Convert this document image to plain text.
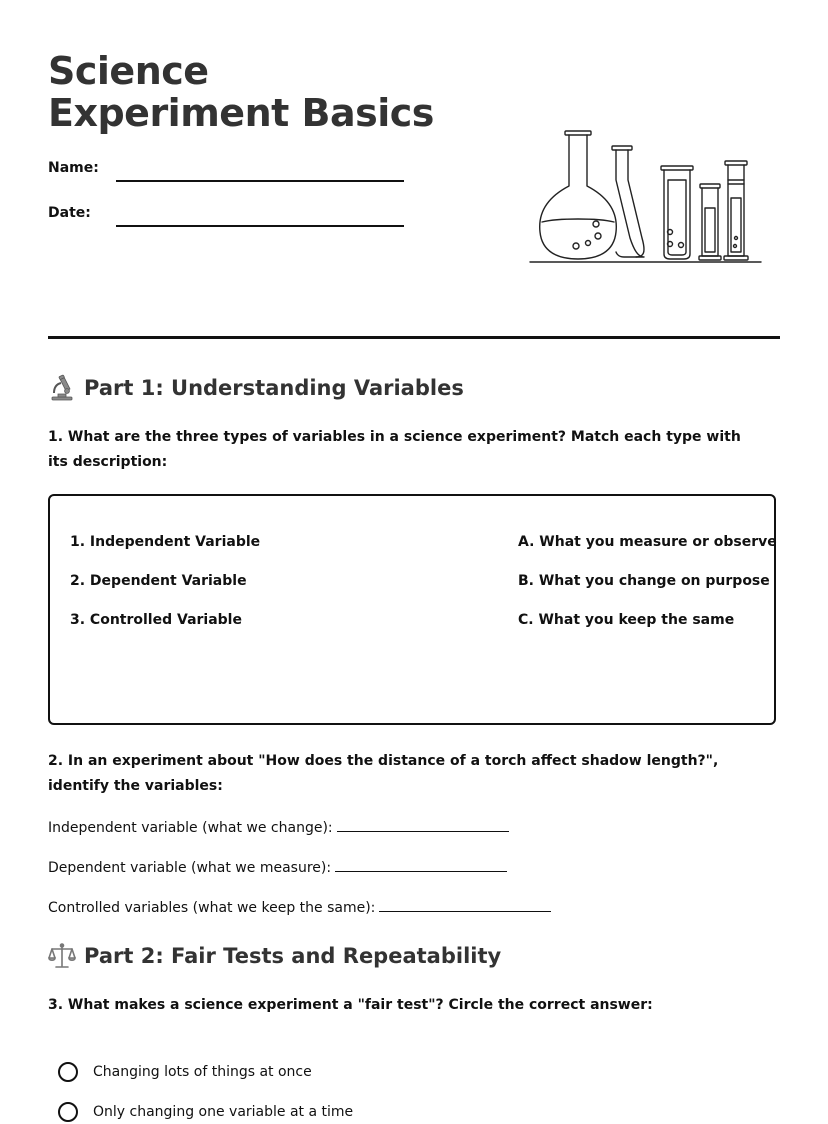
Science Experiment Basics
Name:
Date:
Part 1: Understanding Variables

1. What are the three types of variables in a science experiment? Match each type with its description:

1. Independent Variable
2. Dependent Variable
3. Controlled Variable
A. What you measure or observe
B. What you change on purpose
C. What you keep the same

2. In an experiment about "How does the distance of a torch affect shadow length?", identify the variables:

Independent variable (what we change):
Dependent variable (what we measure):
Controlled variables (what we keep the same):
Part 2: Fair Tests and Repeatability

3. What makes a science experiment a "fair test"? Circle the correct answer:

Changing lots of things at once
Only changing one variable at a time
